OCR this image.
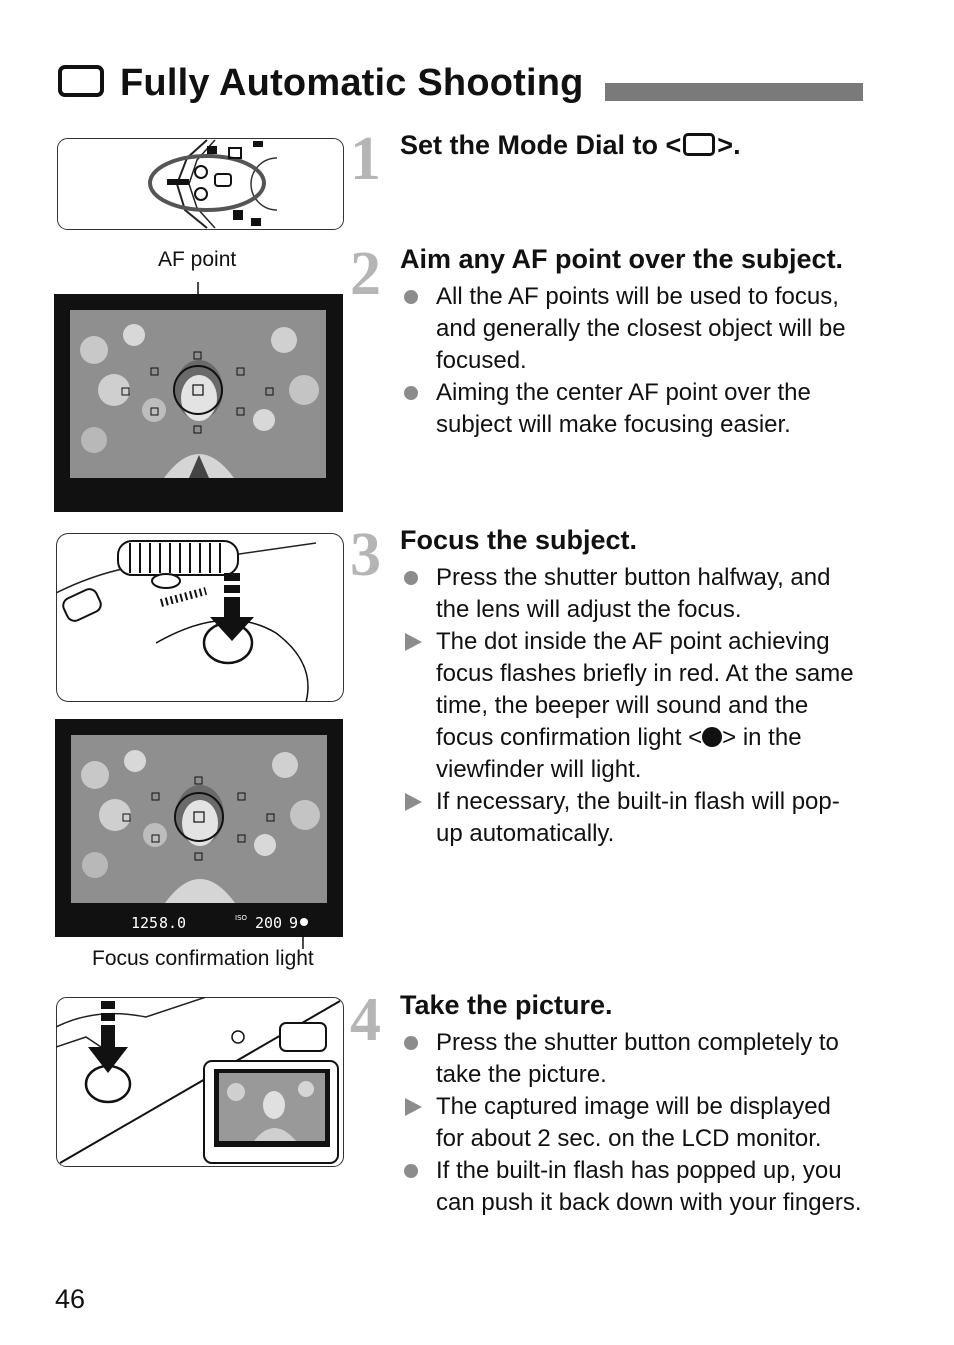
Fully Automatic Shooting
AF point
125 8.0	ISO 200 9
Focus confirmation light
Canon
1 Set the Mode Dial to < >.
2 Aim any AF point over the subject.
All the AF points will be used to focus, and generally the closest object will be focused.
Aiming the center AF point over the subject will make focusing easier.
3 Focus the subject.
Press the shutter button halfway, and the lens will adjust the focus.
The dot inside the AF point achieving focus flashes briefly in red. At the same time, the beeper will sound and the focus confirmation light < > in the viewfinder will light.
If necessary, the built-in flash will pop-up automatically.
4 Take the picture.
Press the shutter button completely to take the picture.
The captured image will be displayed for about 2 sec. on the LCD monitor.
If the built-in flash has popped up, you can push it back down with your fingers.
46
